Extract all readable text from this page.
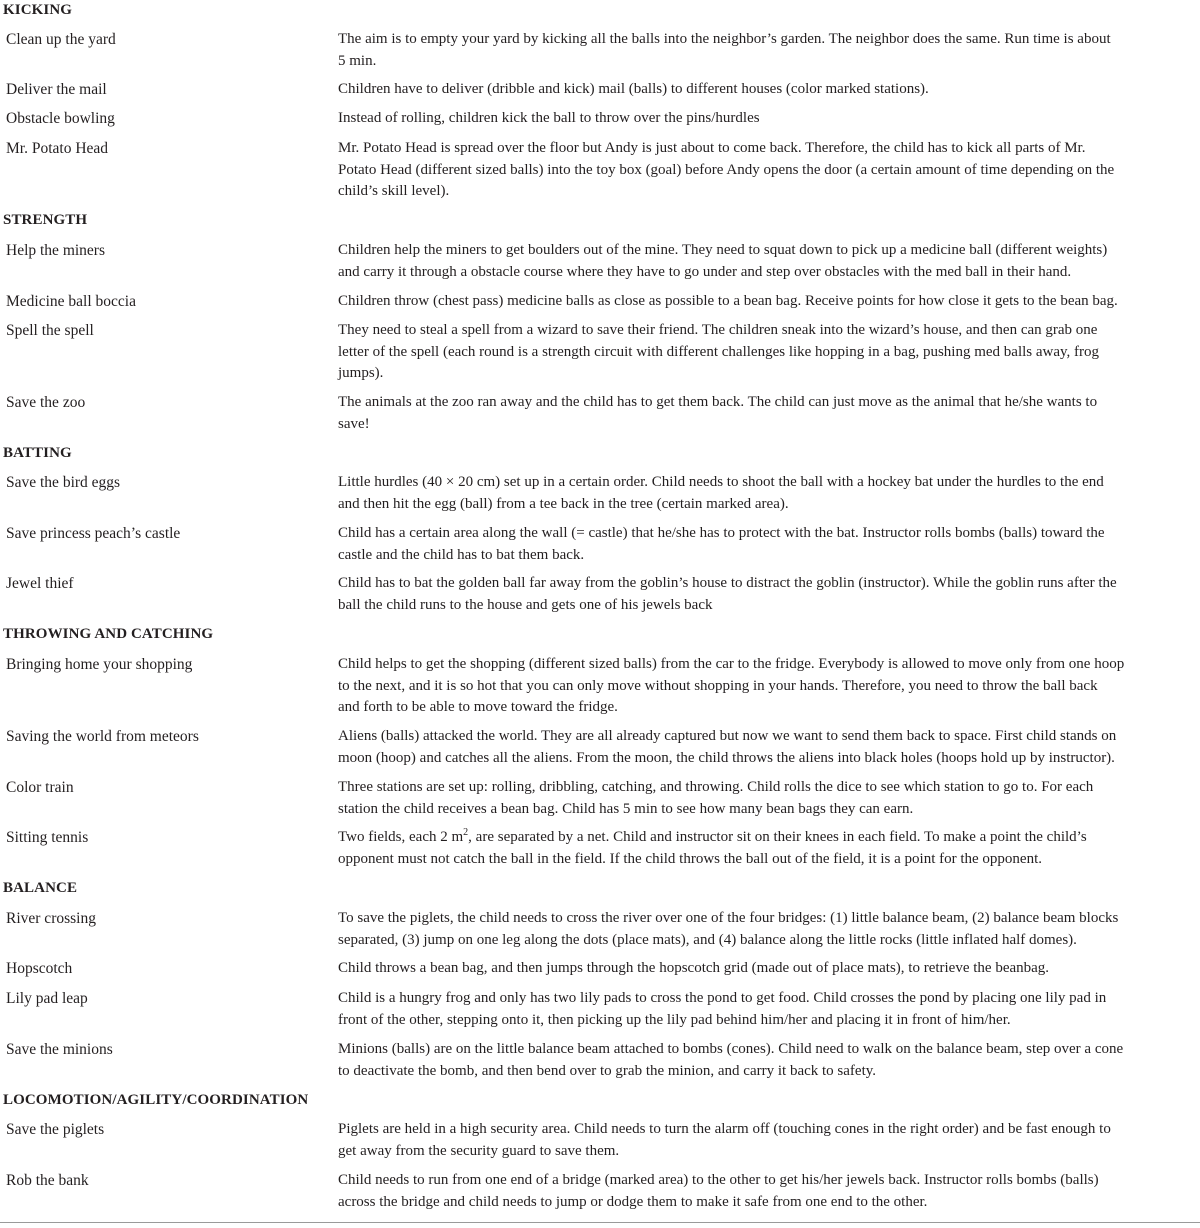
KICKING
Clean up the yard	The aim is to empty your yard by kicking all the balls into the neighbor’s garden. The neighbor does the same. Run time is about
5 min.
Deliver the mail	Children have to deliver (dribble and kick) mail (balls) to different houses (color marked stations).
Obstacle bowling	Instead of rolling, children kick the ball to throw over the pins/hurdles
Mr. Potato Head	Mr. Potato Head is spread over the floor but Andy is just about to come back. Therefore, the child has to kick all parts of Mr.
Potato Head (different sized balls) into the toy box (goal) before Andy opens the door (a certain amount of time depending on the
child’s skill level).
STRENGTH
Help the miners	Children help the miners to get boulders out of the mine. They need to squat down to pick up a medicine ball (different weights)
and carry it through a obstacle course where they have to go under and step over obstacles with the med ball in their hand.
Medicine ball boccia	Children throw (chest pass) medicine balls as close as possible to a bean bag. Receive points for how close it gets to the bean bag.
Spell the spell	They need to steal a spell from a wizard to save their friend. The children sneak into the wizard’s house, and then can grab one
letter of the spell (each round is a strength circuit with different challenges like hopping in a bag, pushing med balls away, frog
jumps).
Save the zoo	The animals at the zoo ran away and the child has to get them back. The child can just move as the animal that he/she wants to
save!
BATTING
Save the bird eggs	Little hurdles (40 × 20 cm) set up in a certain order. Child needs to shoot the ball with a hockey bat under the hurdles to the end
and then hit the egg (ball) from a tee back in the tree (certain marked area).
Save princess peach’s castle	Child has a certain area along the wall (= castle) that he/she has to protect with the bat. Instructor rolls bombs (balls) toward the
castle and the child has to bat them back.
Jewel thief	Child has to bat the golden ball far away from the goblin’s house to distract the goblin (instructor). While the goblin runs after the
ball the child runs to the house and gets one of his jewels back
THROWING AND CATCHING
Bringing home your shopping	Child helps to get the shopping (different sized balls) from the car to the fridge. Everybody is allowed to move only from one hoop
to the next, and it is so hot that you can only move without shopping in your hands. Therefore, you need to throw the ball back
and forth to be able to move toward the fridge.
Saving the world from meteors	Aliens (balls) attacked the world. They are all already captured but now we want to send them back to space. First child stands on
moon (hoop) and catches all the aliens. From the moon, the child throws the aliens into black holes (hoops hold up by instructor).
Color train	Three stations are set up: rolling, dribbling, catching, and throwing. Child rolls the dice to see which station to go to. For each
station the child receives a bean bag. Child has 5 min to see how many bean bags they can earn.
Sitting tennis	Two fields, each 2 $m^2$, are separated by a net. Child and instructor sit on their knees in each field. To make a point the child’s
opponent must not catch the ball in the field. If the child throws the ball out of the field, it is a point for the opponent.
BALANCE
River crossing	To save the piglets, the child needs to cross the river over one of the four bridges: (1) little balance beam, (2) balance beam blocks
separated, (3) jump on one leg along the dots (place mats), and (4) balance along the little rocks (little inflated half domes).
Hopscotch	Child throws a bean bag, and then jumps through the hopscotch grid (made out of place mats), to retrieve the beanbag.
Lily pad leap	Child is a hungry frog and only has two lily pads to cross the pond to get food. Child crosses the pond by placing one lily pad in
front of the other, stepping onto it, then picking up the lily pad behind him/her and placing it in front of him/her.
Save the minions	Minions (balls) are on the little balance beam attached to bombs (cones). Child need to walk on the balance beam, step over a cone
to deactivate the bomb, and then bend over to grab the minion, and carry it back to safety.
LOCOMOTION/AGILITY/COORDINATION
Save the piglets	Piglets are held in a high security area. Child needs to turn the alarm off (touching cones in the right order) and be fast enough to
get away from the security guard to save them.
Rob the bank	Child needs to run from one end of a bridge (marked area) to the other to get his/her jewels back. Instructor rolls bombs (balls)
across the bridge and child needs to jump or dodge them to make it safe from one end to the other.
